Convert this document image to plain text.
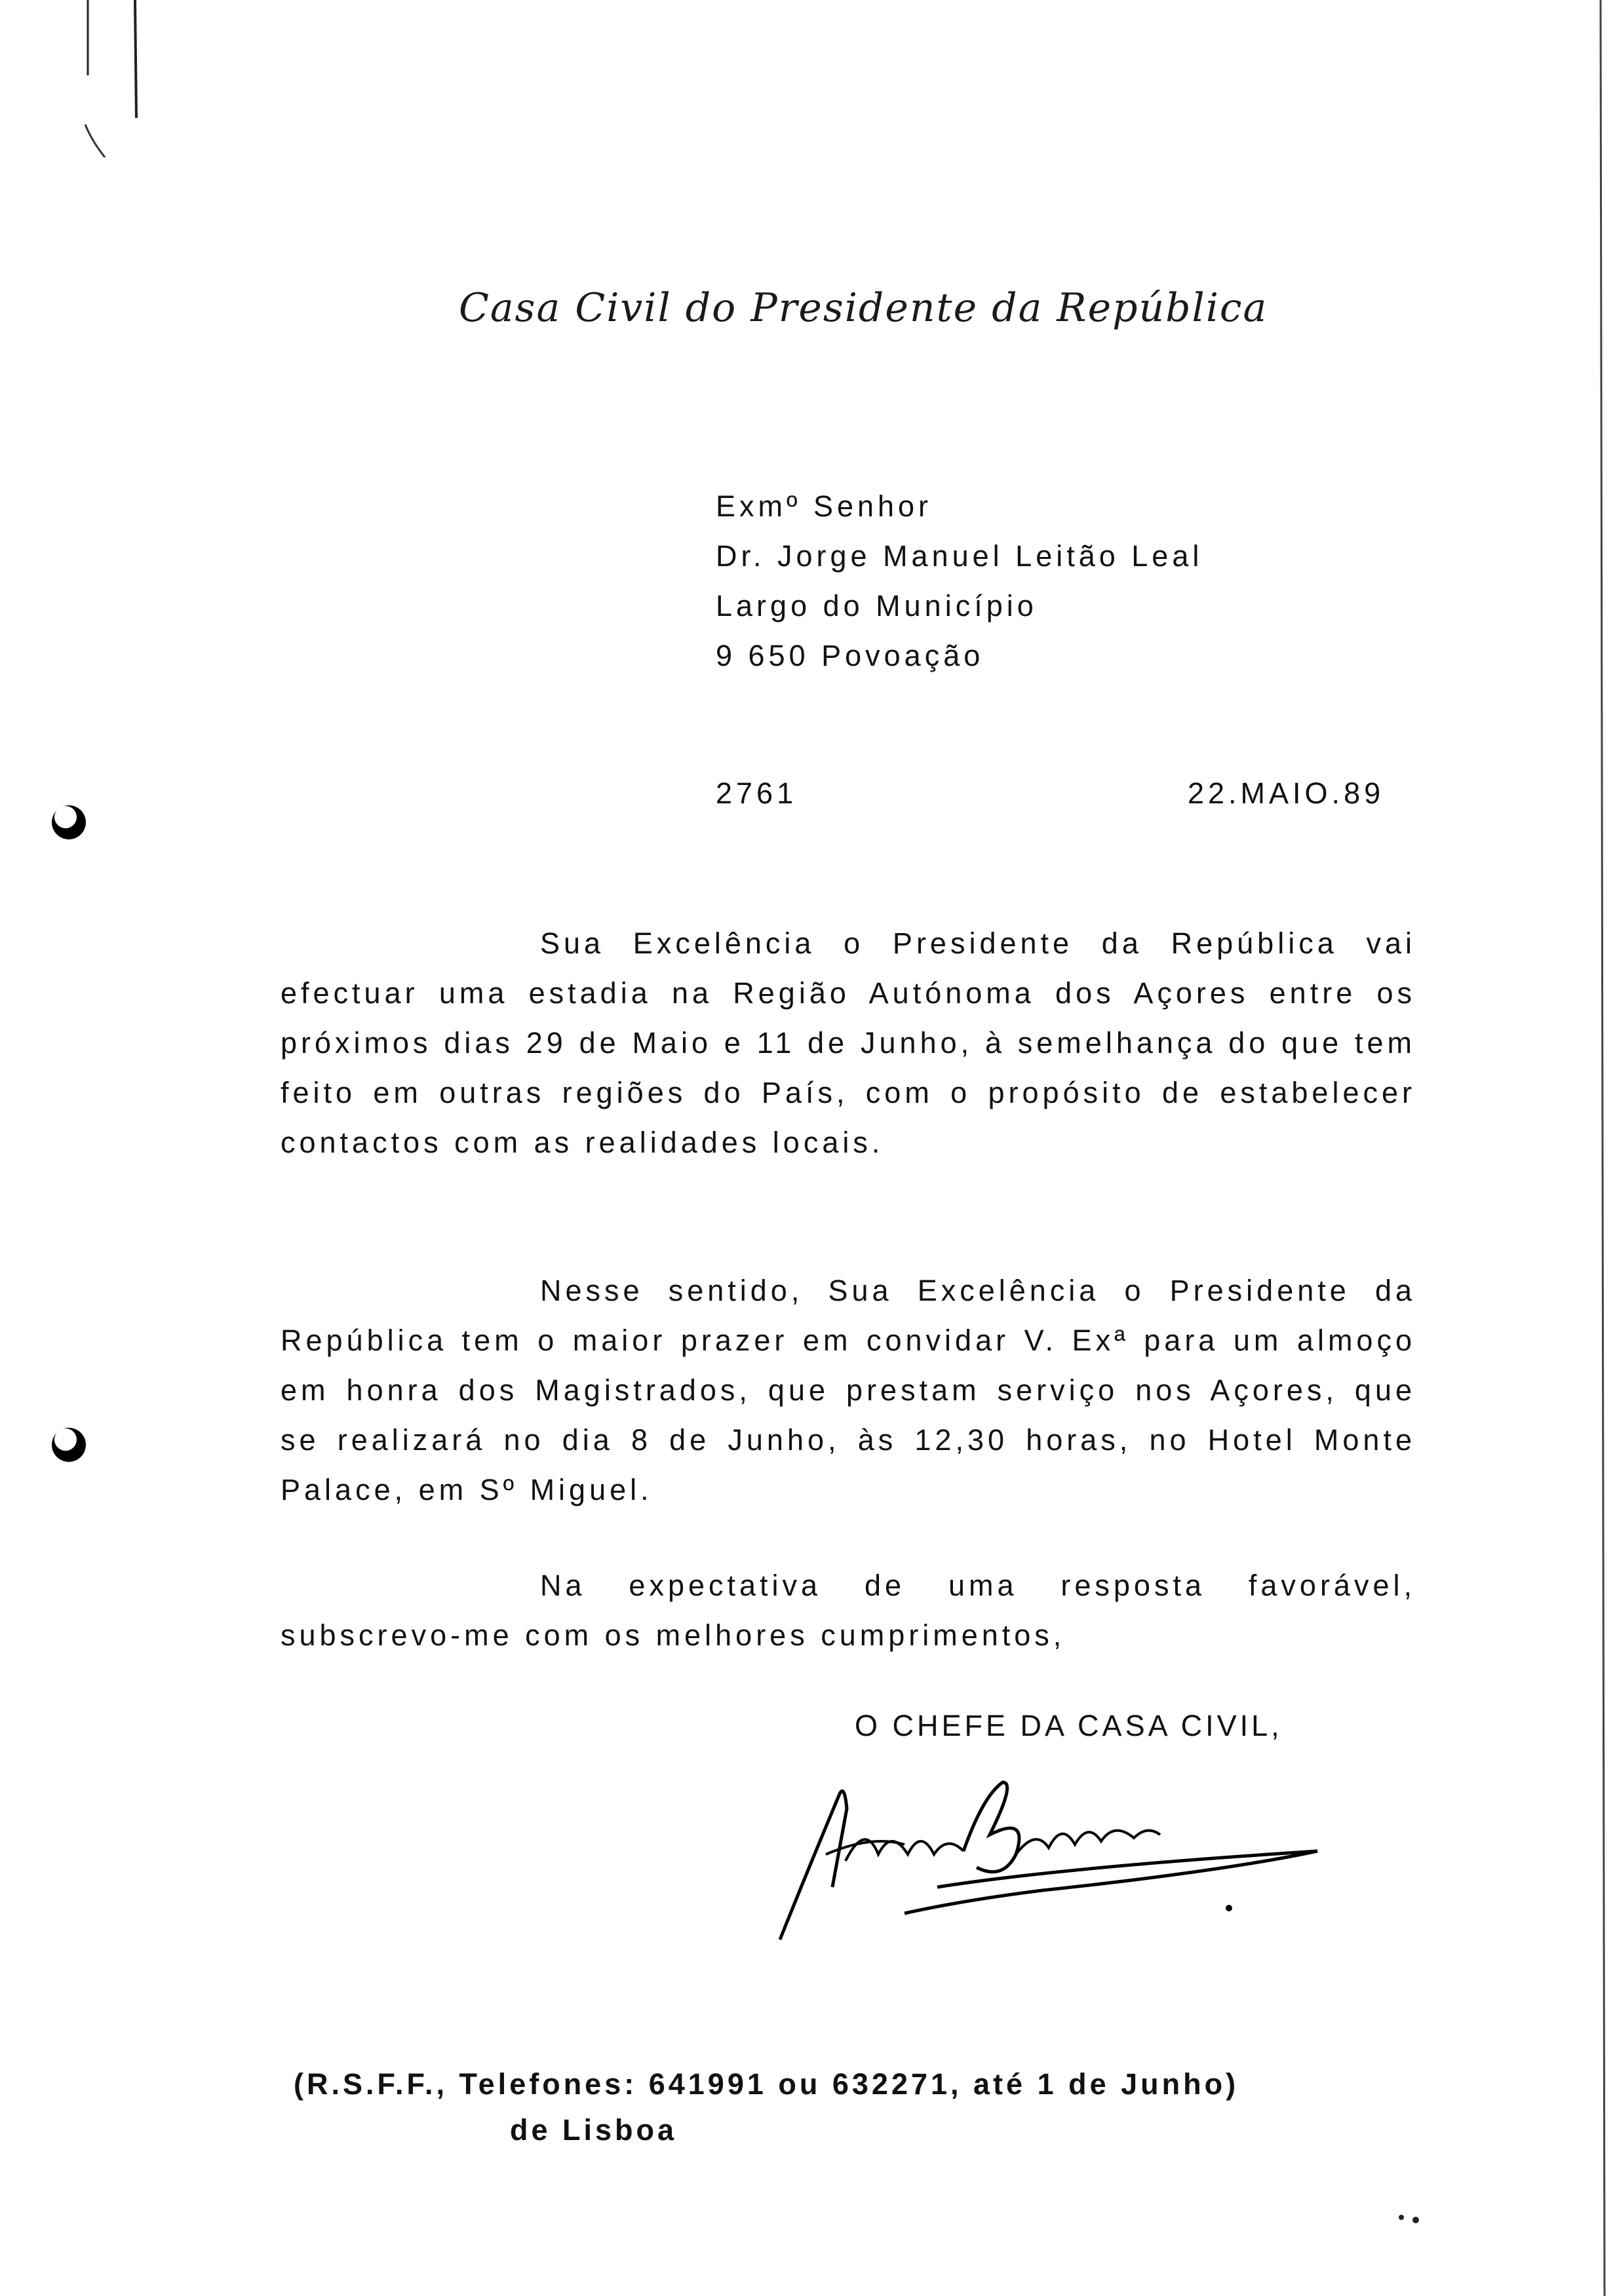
Casa Civil do Presidente da República
Exmº Senhor
Dr. Jorge Manuel Leitão Leal
Largo do Município
9 650 Povoação
2761	22.MAIO.89

Sua Excelência o Presidente da República vai efectuar uma estadia na Região Autónoma dos Açores entre os próximos dias 29 de Maio e 11 de Junho, à semelhança do que tem feito em outras regiões do País, com o propósito de estabelecer contactos com as realidades locais.

Nesse sentido, Sua Excelência o Presidente da República tem o maior prazer em convidar V. Exª para um almoço em honra dos Magistrados, que prestam serviço nos Açores, que se realizará no dia 8 de Junho, às 12,30 horas, no Hotel Monte Palace, em Sº Miguel.

Na expectativa de uma resposta favorável, subscrevo-me com os melhores cumprimentos,

O CHEFE DA CASA CIVIL,
(R.S.F.F., Telefones: 641991 ou 632271, até 1 de Junho)
de Lisboa
